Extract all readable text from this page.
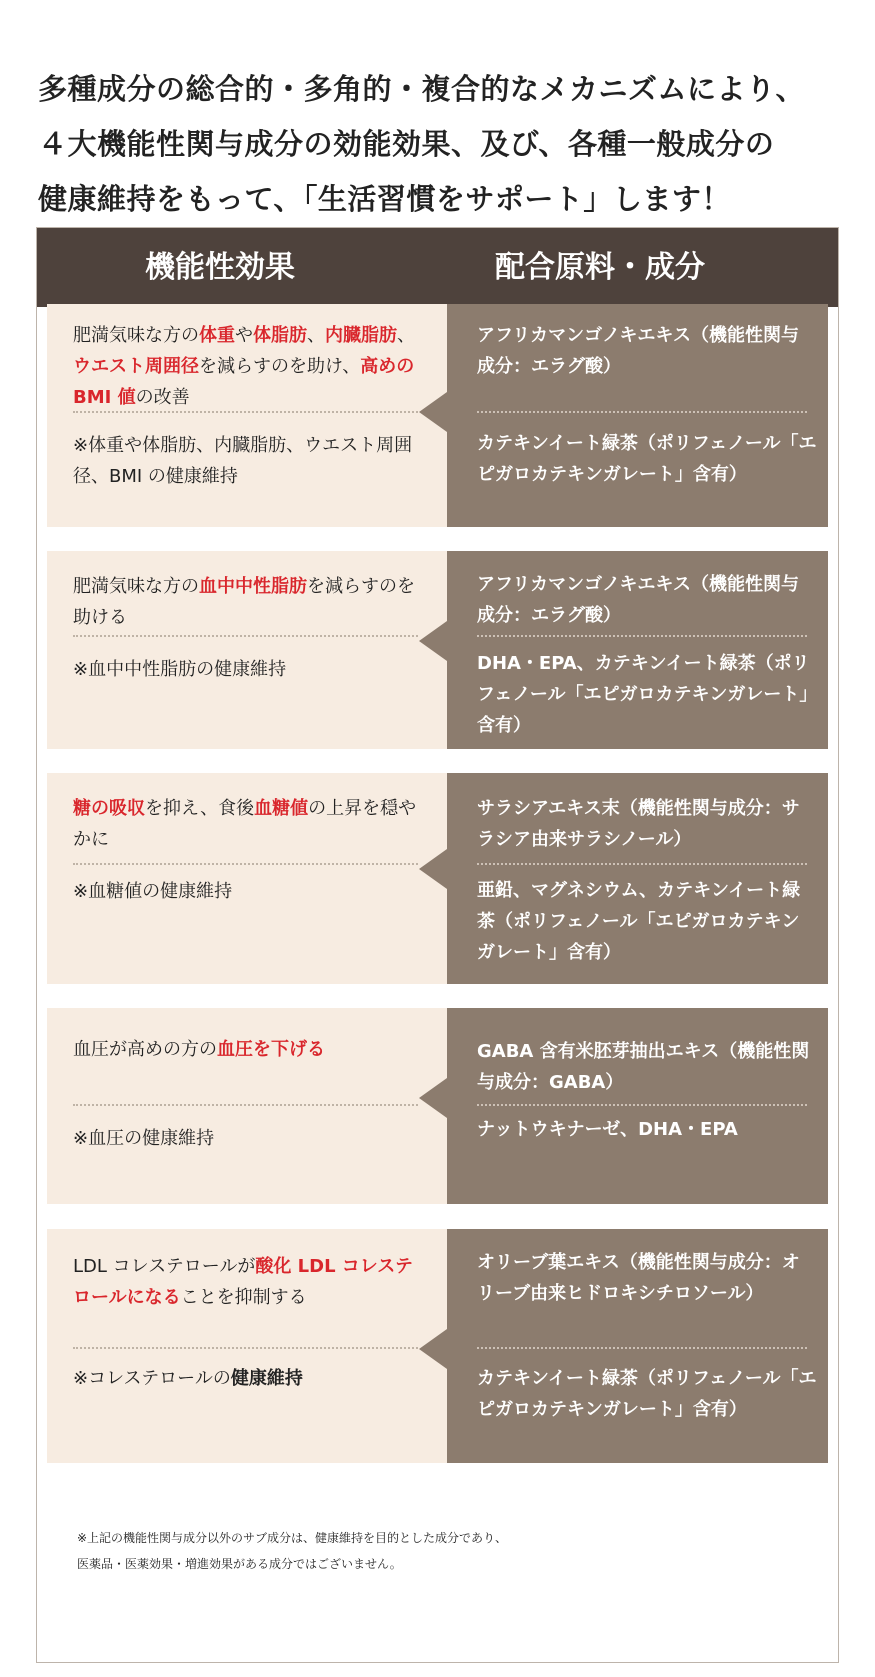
多種成分の総合的・多角的・複合的なメカニズムにより、
４大機能性関与成分の効能効果、及び、各種一般成分の
健康維持をもって、「生活習慣をサポート」します！
機能性効果	配合原料・成分
肥満気味な方の体重や体脂肪、内臓脂肪、ウエスト周囲径を減らすのを助け、高めの BMI 値の改善
※体重や体脂肪、内臓脂肪、ウエスト周囲径、BMI の健康維持
アフリカマンゴノキエキス（機能性関与成分：エラグ酸）
カテキンイート緑茶（ポリフェノール「エピガロカテキンガレート」含有）
肥満気味な方の血中中性脂肪を減らすのを助ける
※血中中性脂肪の健康維持
アフリカマンゴノキエキス（機能性関与成分：エラグ酸）
DHA・EPA、カテキンイート緑茶（ポリフェノール「エピガロカテキンガレート」含有）
糖の吸収を抑え、食後血糖値の上昇を穏やかに
※血糖値の健康維持
サラシアエキス末（機能性関与成分：サラシア由来サラシノール）
亜鉛、マグネシウム、カテキンイート緑茶（ポリフェノール「エピガロカテキンガレート」含有）
血圧が高めの方の血圧を下げる
※血圧の健康維持
GABA 含有米胚芽抽出エキス（機能性関与成分：GABA）
ナットウキナーゼ、DHA・EPA
LDL コレステロールが酸化 LDL コレステロールになることを抑制する
※コレステロールの健康維持
オリーブ葉エキス（機能性関与成分：オリーブ由来ヒドロキシチロソール）
カテキンイート緑茶（ポリフェノール「エピガロカテキンガレート」含有）
※上記の機能性関与成分以外のサブ成分は、健康維持を目的とした成分であり、
医薬品・医薬効果・増進効果がある成分ではございません。
